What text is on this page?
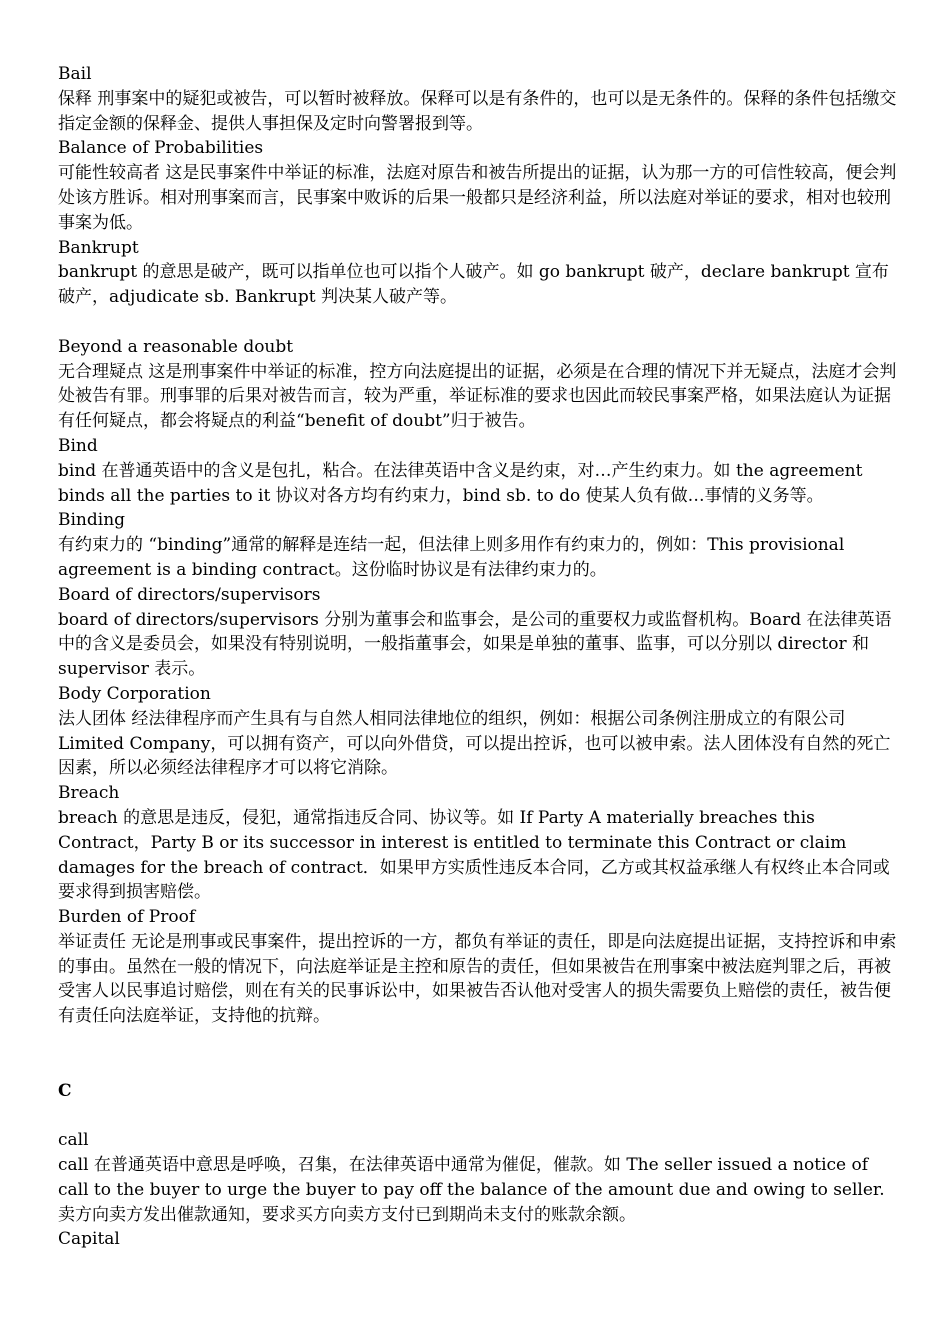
Bail

保释 刑事案中的疑犯或被告，可以暂时被释放。保释可以是有条件的，也可以是无条件的。保释的条件包括缴交指定金额的保释金、提供人事担保及定时向警署报到等。

Balance of Probabilities

可能性较高者 这是民事案件中举证的标准，法庭对原告和被告所提出的证据，认为那一方的可信性较高，便会判处该方胜诉。相对刑事案而言，民事案中败诉的后果一般都只是经济利益，所以法庭对举证的要求，相对也较刑事案为低。

Bankrupt

bankrupt 的意思是破产，既可以指单位也可以指个人破产。如 go bankrupt 破产，declare bankrupt 宣布破产，adjudicate sb. Bankrupt 判决某人破产等。

Beyond a reasonable doubt

无合理疑点 这是刑事案件中举证的标准，控方向法庭提出的证据，必须是在合理的情况下并无疑点，法庭才会判处被告有罪。刑事罪的后果对被告而言，较为严重，举证标准的要求也因此而较民事案严格，如果法庭认为证据有任何疑点，都会将疑点的利益“benefit of doubt”归于被告。

Bind

bind 在普通英语中的含义是包扎，粘合。在法律英语中含义是约束，对…产生约束力。如 the agreement binds all the parties to it 协议对各方均有约束力，bind sb. to do 使某人负有做…事情的义务等。

Binding

有约束力的 “binding”通常的解释是连结一起，但法律上则多用作有约束力的，例如：This provisional agreement is a binding contract。这份临时协议是有法律约束力的。

Board of directors/supervisors

board of directors/supervisors 分别为董事会和监事会，是公司的重要权力或监督机构。Board 在法律英语中的含义是委员会，如果没有特别说明，一般指董事会，如果是单独的董事、监事，可以分别以 director 和 supervisor 表示。

Body Corporation

法人团体 经法律程序而产生具有与自然人相同法律地位的组织，例如：根据公司条例注册成立的有限公司 Limited Company，可以拥有资产，可以向外借贷，可以提出控诉，也可以被申索。法人团体没有自然的死亡因素，所以必须经法律程序才可以将它消除。

Breach

breach 的意思是违反，侵犯，通常指违反合同、协议等。如 If Party A materially breaches this Contract，Party B or its successor in interest is entitled to terminate this Contract or claim damages for the breach of contract．如果甲方实质性违反本合同，乙方或其权益承继人有权终止本合同或要求得到损害赔偿。

Burden of Proof

举证责任 无论是刑事或民事案件，提出控诉的一方，都负有举证的责任，即是向法庭提出证据，支持控诉和申索的事由。虽然在一般的情况下，向法庭举证是主控和原告的责任，但如果被告在刑事案中被法庭判罪之后，再被受害人以民事追讨赔偿，则在有关的民事诉讼中，如果被告否认他对受害人的损失需要负上赔偿的责任，被告便有责任向法庭举证，支持他的抗辩。

C

call

call 在普通英语中意思是呼唤，召集，在法律英语中通常为催促，催款。如 The seller issued a notice of call to the buyer to urge the buyer to pay off the balance of the amount due and owing to seller.卖方向卖方发出催款通知，要求买方向卖方支付已到期尚未支付的账款余额。

Capital
